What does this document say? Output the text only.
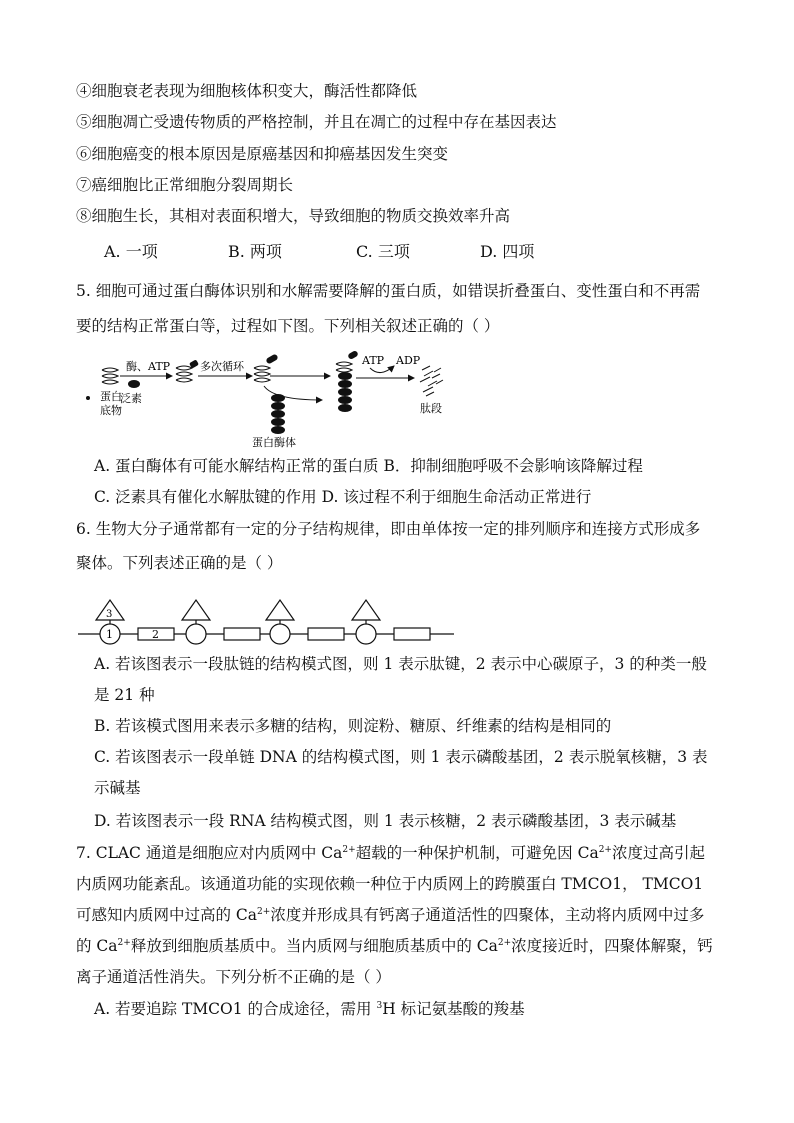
④细胞衰老表现为细胞核体积变大，酶活性都降低
⑤细胞凋亡受遗传物质的严格控制，并且在凋亡的过程中存在基因表达
⑥细胞癌变的根本原因是原癌基因和抑癌基因发生突变
⑦癌细胞比正常细胞分裂周期长
⑧细胞生长，其相对表面积增大，导致细胞的物质交换效率升高
A. 一项	B. 两项	C. 三项	D. 四项
5. 细胞可通过蛋白酶体识别和水解需要降解的蛋白质，如错误折叠蛋白、变性蛋白和不再需
要的结构正常蛋白等，过程如下图。下列相关叙述正确的（ ）
蛋白
底物
泛素
酶、ATP	多次循环
蛋白酶体
ATP ADP
肽段
A. 蛋白酶体有可能水解结构正常的蛋白质 B．抑制细胞呼吸不会影响该降解过程
C. 泛素具有催化水解肽键的作用 D. 该过程不利于细胞生命活动正常进行
6. 生物大分子通常都有一定的分子结构规律，即由单体按一定的排列顺序和连接方式形成多
聚体。下列表述正确的是（ ）
1	2
3
A. 若该图表示一段肽链的结构模式图，则 1 表示肽键，2 表示中心碳原子，3 的种类一般
是 21 种
B. 若该模式图用来表示多糖的结构，则淀粉、糖原、纤维素的结构是相同的
C. 若该图表示一段单链 DNA 的结构模式图，则 1 表示磷酸基团，2 表示脱氧核糖，3 表
示碱基
D. 若该图表示一段 RNA 结构模式图，则 1 表示核糖，2 表示磷酸基团，3 表示碱基
7. CLAC 通道是细胞应对内质网中 $Ca^{2+}$超载的一种保护机制，可避免因 $Ca^{2+}$浓度过高引起
内质网功能紊乱。该通道功能的实现依赖一种位于内质网上的跨膜蛋白 TMCO1， TMCO1
可感知内质网中过高的 $Ca^{2+}$浓度并形成具有钙离子通道活性的四聚体，主动将内质网中过多
的 $Ca^{2+}$释放到细胞质基质中。当内质网与细胞质基质中的 $Ca^{2+}$浓度接近时，四聚体解聚，钙
离子通道活性消失。下列分析不正确的是（ ）
A. 若要追踪 TMCO1 的合成途径，需用 $^3$H 标记氨基酸的羧基
